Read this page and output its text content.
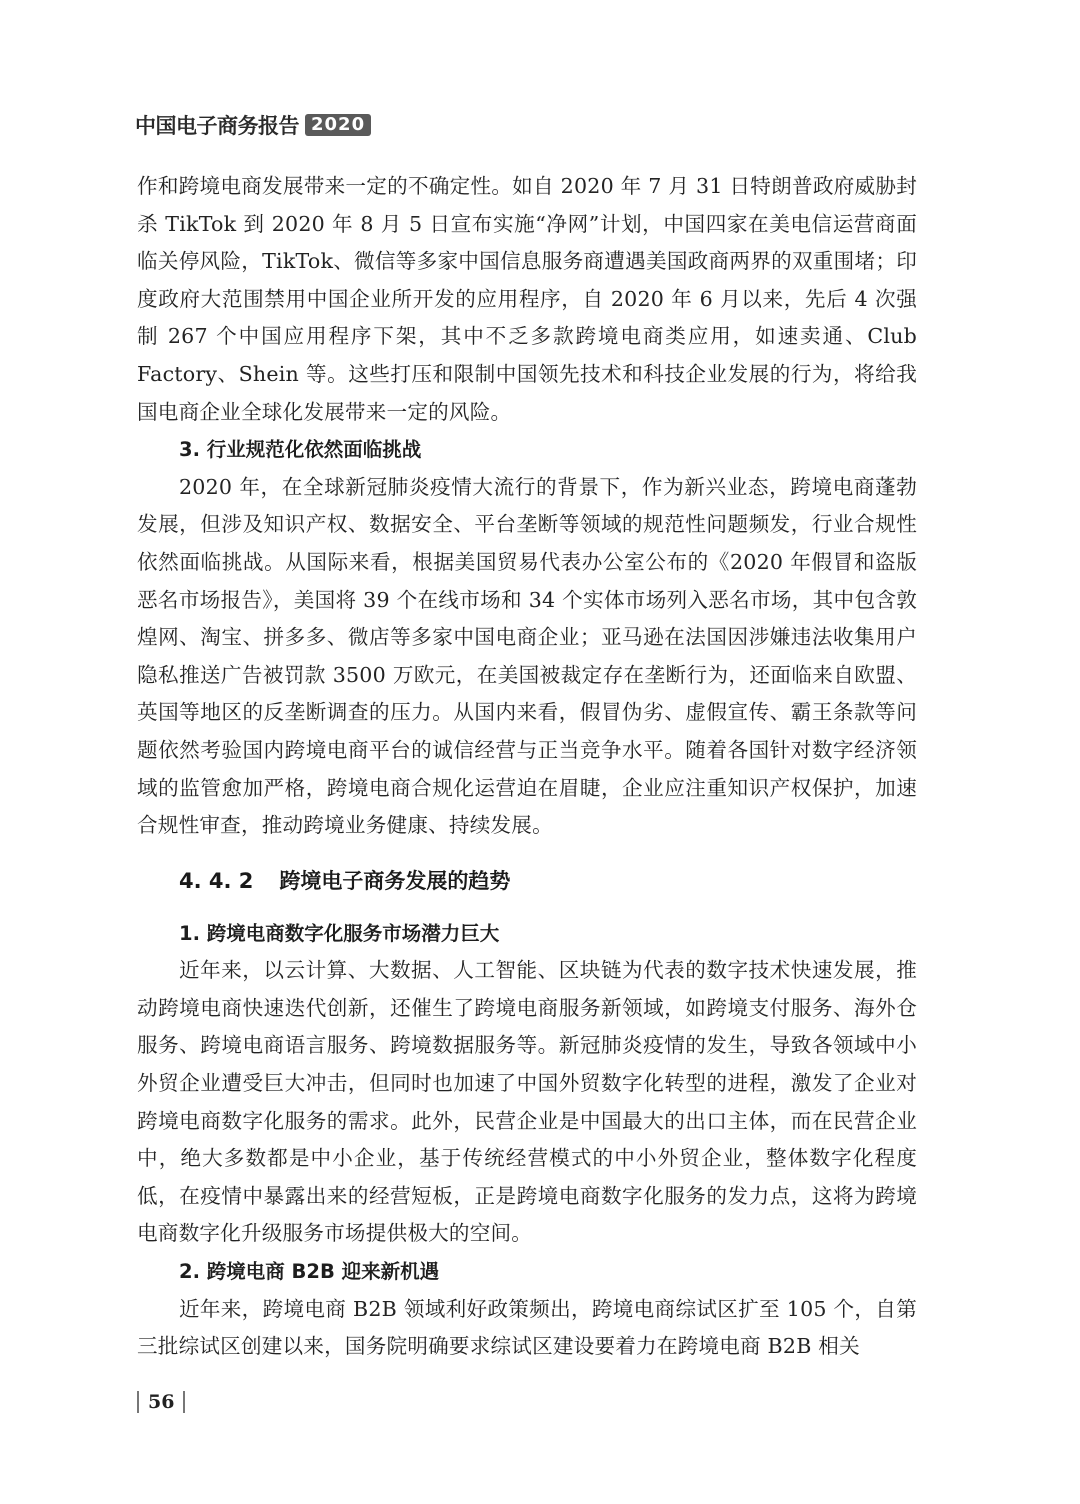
中国电子商务报告 2020

作和跨境电商发展带来一定的不确定性。如自 2020 年 7 月 31 日特朗普政府威胁封杀 TikTok 到 2020 年 8 月 5 日宣布实施“净网”计划，中国四家在美电信运营商面临关停风险，TikTok、微信等多家中国信息服务商遭遇美国政商两界的双重围堵；印度政府大范围禁用中国企业所开发的应用程序，自 2020 年 6 月以来，先后 4 次强制 267 个中国应用程序下架，其中不乏多款跨境电商类应用，如速卖通、Club Factory、Shein 等。这些打压和限制中国领先技术和科技企业发展的行为，将给我国电商企业全球化发展带来一定的风险。

3. 行业规范化依然面临挑战

2020 年，在全球新冠肺炎疫情大流行的背景下，作为新兴业态，跨境电商蓬勃发展，但涉及知识产权、数据安全、平台垄断等领域的规范性问题频发，行业合规性依然面临挑战。从国际来看，根据美国贸易代表办公室公布的《2020 年假冒和盗版恶名市场报告》，美国将 39 个在线市场和 34 个实体市场列入恶名市场，其中包含敦煌网、淘宝、拼多多、微店等多家中国电商企业；亚马逊在法国因涉嫌违法收集用户隐私推送广告被罚款 3500 万欧元，在美国被裁定存在垄断行为，还面临来自欧盟、英国等地区的反垄断调查的压力。从国内来看，假冒伪劣、虚假宣传、霸王条款等问题依然考验国内跨境电商平台的诚信经营与正当竞争水平。随着各国针对数字经济领域的监管愈加严格，跨境电商合规化运营迫在眉睫，企业应注重知识产权保护，加速合规性审查，推动跨境业务健康、持续发展。

4. 4. 2 跨境电子商务发展的趋势

1. 跨境电商数字化服务市场潜力巨大

近年来，以云计算、大数据、人工智能、区块链为代表的数字技术快速发展，推动跨境电商快速迭代创新，还催生了跨境电商服务新领域，如跨境支付服务、海外仓服务、跨境电商语言服务、跨境数据服务等。新冠肺炎疫情的发生，导致各领域中小外贸企业遭受巨大冲击，但同时也加速了中国外贸数字化转型的进程，激发了企业对跨境电商数字化服务的需求。此外，民营企业是中国最大的出口主体，而在民营企业中，绝大多数都是中小企业，基于传统经营模式的中小外贸企业，整体数字化程度低，在疫情中暴露出来的经营短板，正是跨境电商数字化服务的发力点，这将为跨境电商数字化升级服务市场提供极大的空间。

2. 跨境电商 B2B 迎来新机遇

近年来，跨境电商 B2B 领域利好政策频出，跨境电商综试区扩至 105 个，自第三批综试区创建以来，国务院明确要求综试区建设要着力在跨境电商 B2B 相关

56
